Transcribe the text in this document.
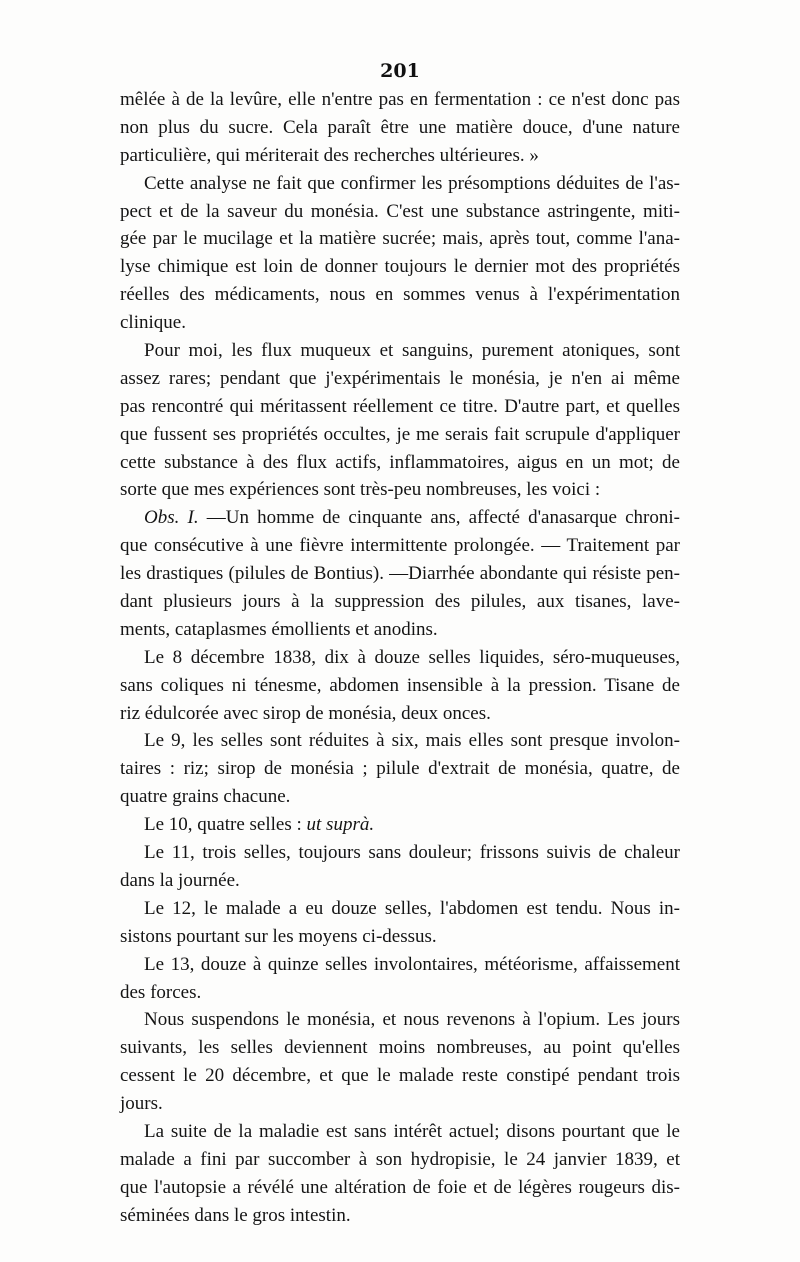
201
mêlée à de la levûre, elle n'entre pas en fermentation : ce n'est donc pas
non plus du sucre. Cela paraît être une matière douce, d'une nature
particulière, qui mériterait des recherches ultérieures. »
Cette analyse ne fait que confirmer les présomptions déduites de l'as-
pect et de la saveur du monésia. C'est une substance astringente, miti-
gée par le mucilage et la matière sucrée; mais, après tout, comme l'ana-
lyse chimique est loin de donner toujours le dernier mot des propriétés
réelles des médicaments, nous en sommes venus à l'expérimentation
clinique.
Pour moi, les flux muqueux et sanguins, purement atoniques, sont
assez rares; pendant que j'expérimentais le monésia, je n'en ai même
pas rencontré qui méritassent réellement ce titre. D'autre part, et quelles
que fussent ses propriétés occultes, je me serais fait scrupule d'appliquer
cette substance à des flux actifs, inflammatoires, aigus en un mot; de
sorte que mes expériences sont très-peu nombreuses, les voici :
Obs. I. —Un homme de cinquante ans, affecté d'anasarque chroni-
que consécutive à une fièvre intermittente prolongée. — Traitement par
les drastiques (pilules de Bontius). —Diarrhée abondante qui résiste pen-
dant plusieurs jours à la suppression des pilules, aux tisanes, lave-
ments, cataplasmes émollients et anodins.
Le 8 décembre 1838, dix à douze selles liquides, séro-muqueuses,
sans coliques ni ténesme, abdomen insensible à la pression. Tisane de
riz édulcorée avec sirop de monésia, deux onces.
Le 9, les selles sont réduites à six, mais elles sont presque involon-
taires : riz; sirop de monésia ; pilule d'extrait de monésia, quatre, de
quatre grains chacune.
Le 10, quatre selles : ut suprà.
Le 11, trois selles, toujours sans douleur; frissons suivis de chaleur
dans la journée.
Le 12, le malade a eu douze selles, l'abdomen est tendu. Nous in-
sistons pourtant sur les moyens ci-dessus.
Le 13, douze à quinze selles involontaires, météorisme, affaissement
des forces.
Nous suspendons le monésia, et nous revenons à l'opium. Les jours
suivants, les selles deviennent moins nombreuses, au point qu'elles
cessent le 20 décembre, et que le malade reste constipé pendant trois
jours.
La suite de la maladie est sans intérêt actuel; disons pourtant que le
malade a fini par succomber à son hydropisie, le 24 janvier 1839, et
que l'autopsie a révélé une altération de foie et de légères rougeurs dis-
séminées dans le gros intestin.
